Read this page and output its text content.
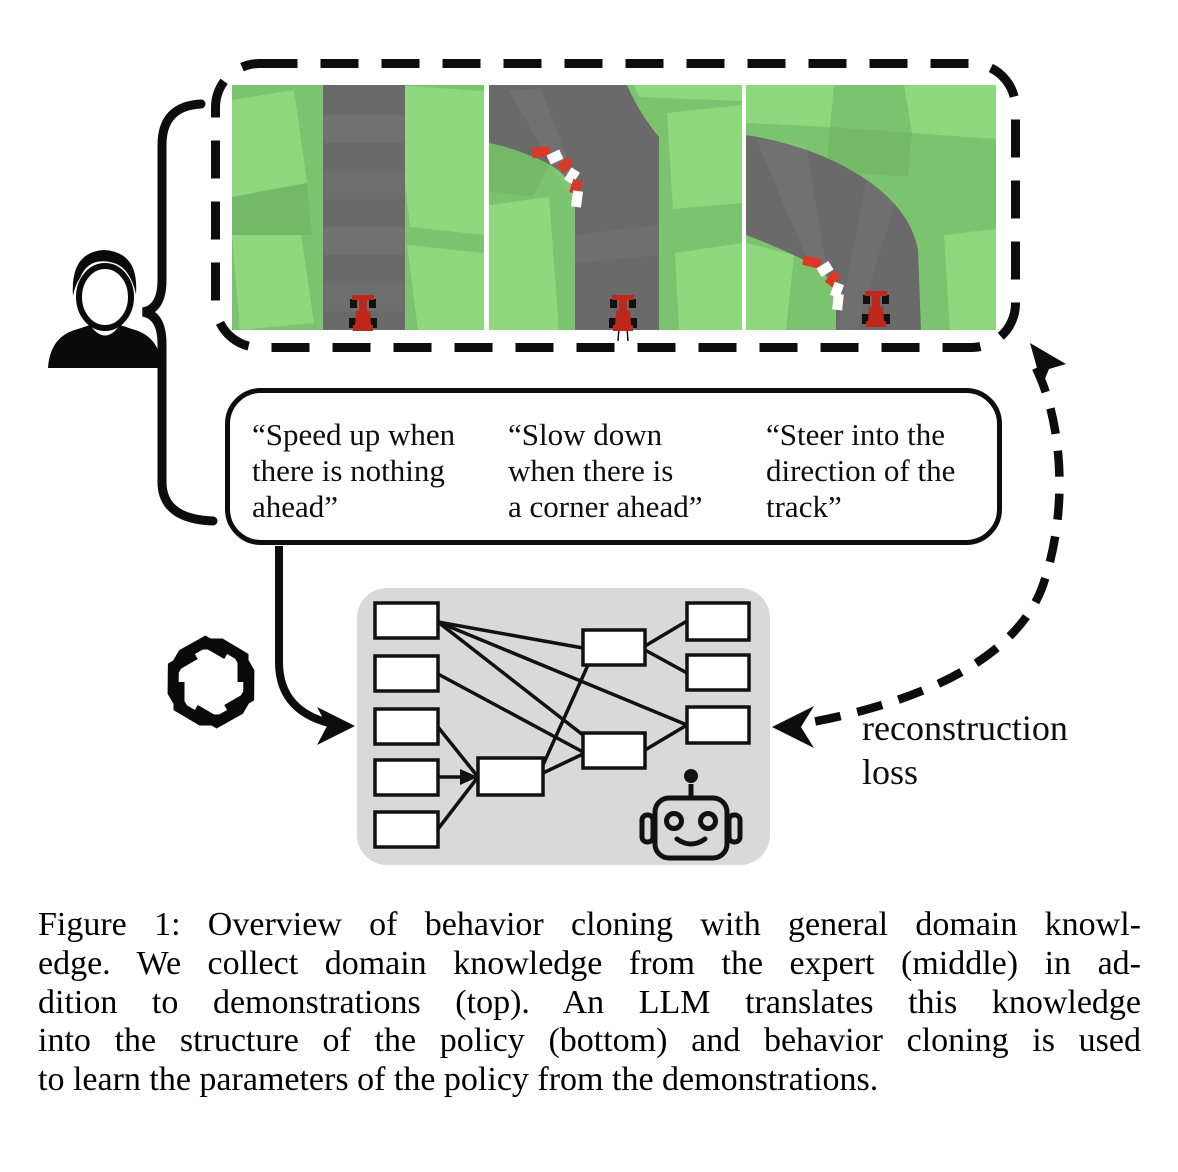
“Speed up when
there is nothing
ahead”
“Slow down
when there is
a corner ahead”
“Steer into the
direction of the
track”
reconstruction
loss
Figure 1: Overview of behavior cloning with general domain knowl-
edge. We collect domain knowledge from the expert (middle) in ad-
dition to demonstrations (top). An LLM translates this knowledge
into the structure of the policy (bottom) and behavior cloning is used
to learn the parameters of the policy from the demonstrations.
